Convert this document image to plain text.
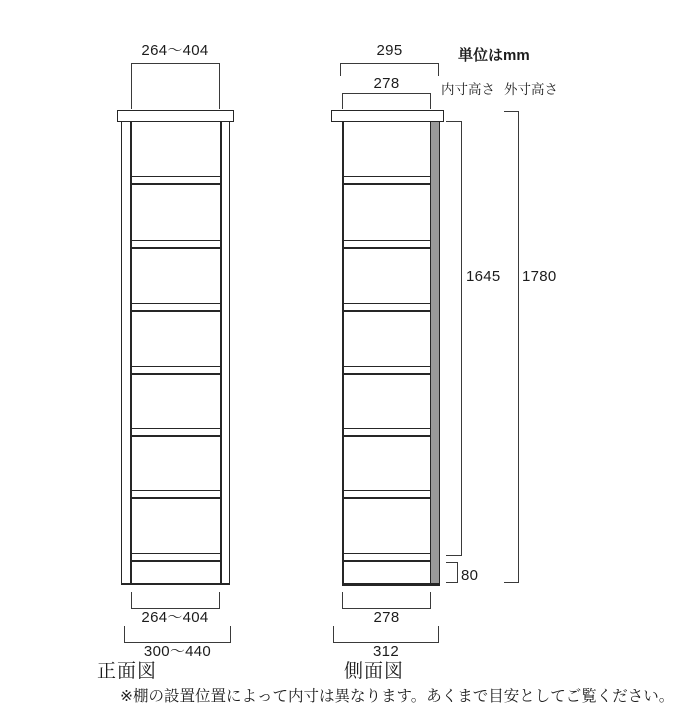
単位はmm
内寸高さ 外寸高さ
264〜404
264〜404
300〜440
正面図
295
278
1645 1780
80
278
312
側面図
※棚の設置位置によって内寸は異なります。あくまで目安としてご覧ください。
